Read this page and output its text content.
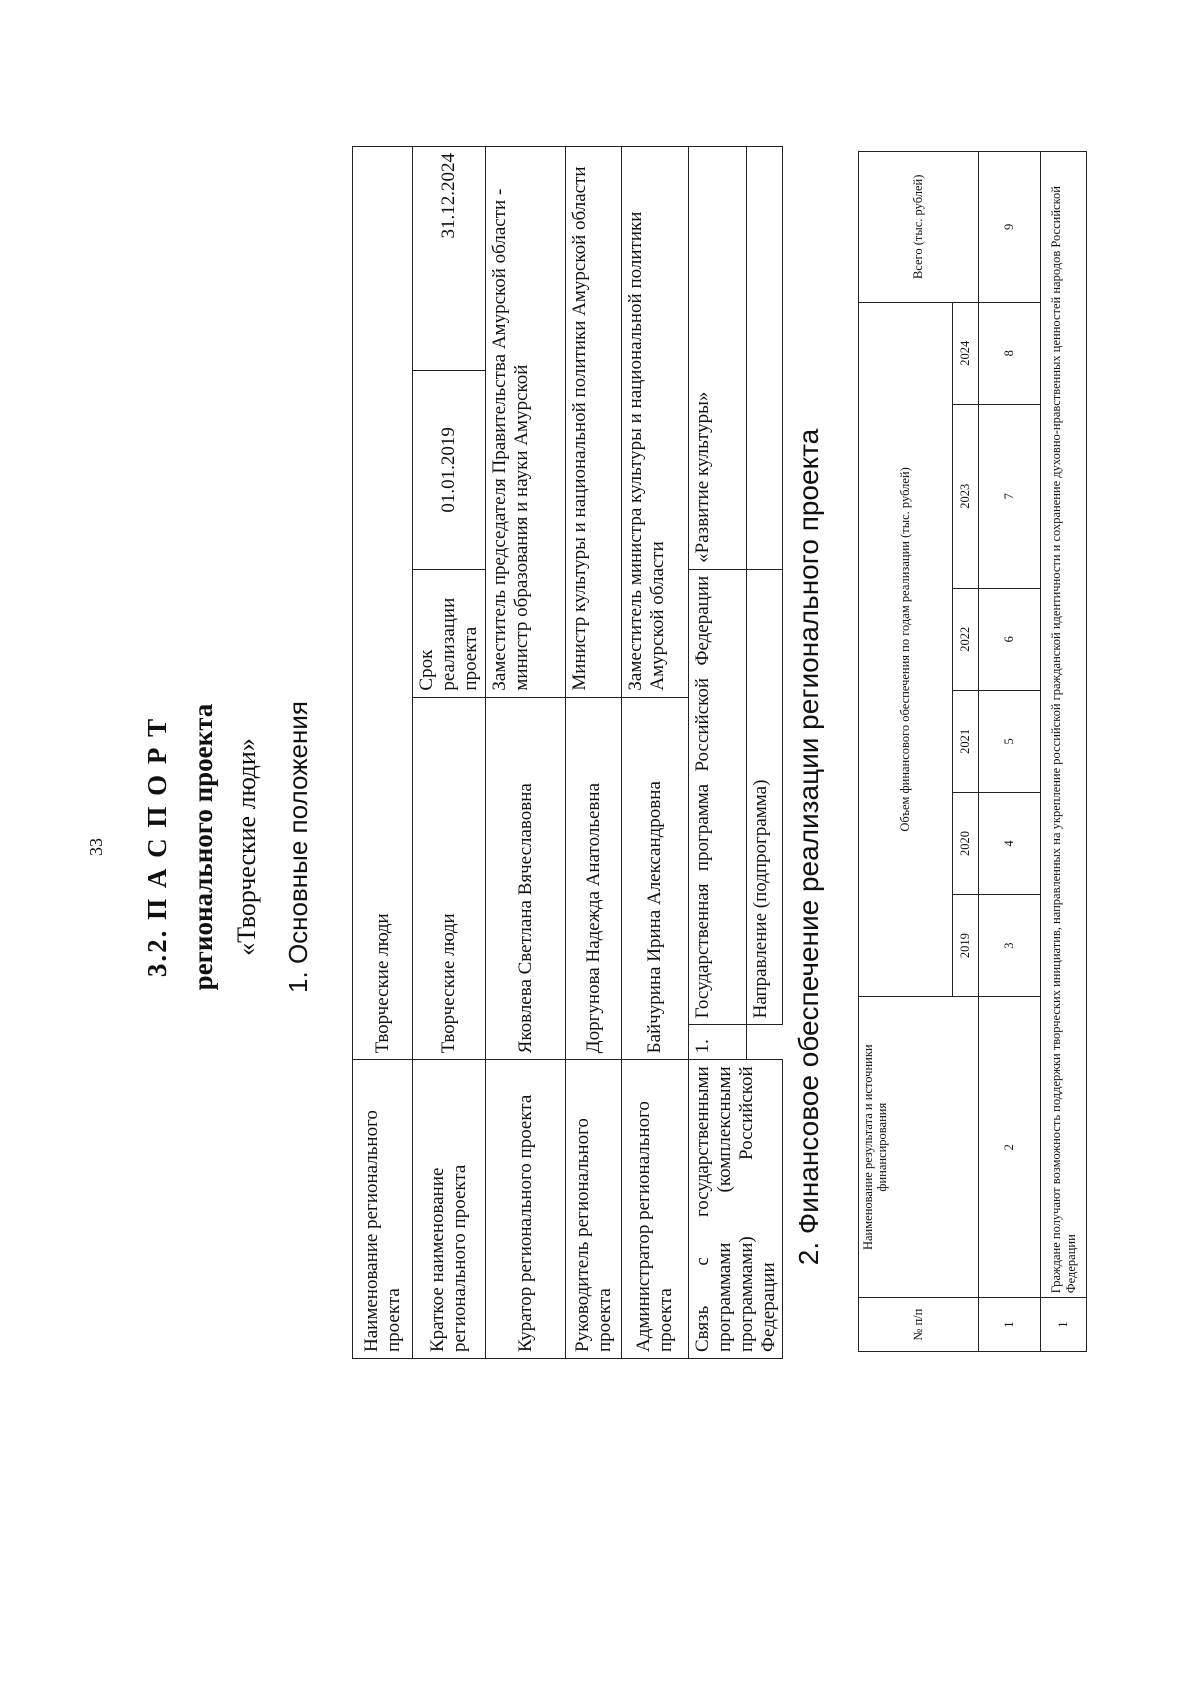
33 3.2. П А С П О Р Т регионального проекта «Творческие люди» 1. Основные положения
Наименование регионального проекта	Творческие люди				
Краткое наименование регионального проекта	Творческие люди		Срок реализации проекта	01.01.2019	31.12.2024
Куратор регионального проекта	Яковлева Светлана Вячеславовна		Заместитель председателя Правительства Амурской области - министр образования и науки Амурской		
Руководитель регионального проекта	Доргунова Надежда Анатольевна		Министр культуры и национальной политики Амурской области		
Администратор регионального проекта	Байчурина Ирина Александровна		Заместитель министра культуры и национальной политики Амурской области		
Связь с государственными программами (комплексными программами) Российской Федерации	1.	Государственная программа Российской Федерации		«Развитие культуры»	
		Направление (подпрограмма)			2. Финансовое обеспечение реализации регионального проекта
№ п/п	Наименование результата и источники финансирования	Объем финансового обеспечения по годам реализации (тыс. рублей)						Всего (тыс. рублей)
		2019	2020	2021	2022	2023	2024	
1	2	3	4	5	6	7	8	9
1	Граждане получают возможность поддержки творческих инициатив, направленных на укрепление российской гражданской идентичности и сохранение духовно-нравственных ценностей народов Российской Федерации							
